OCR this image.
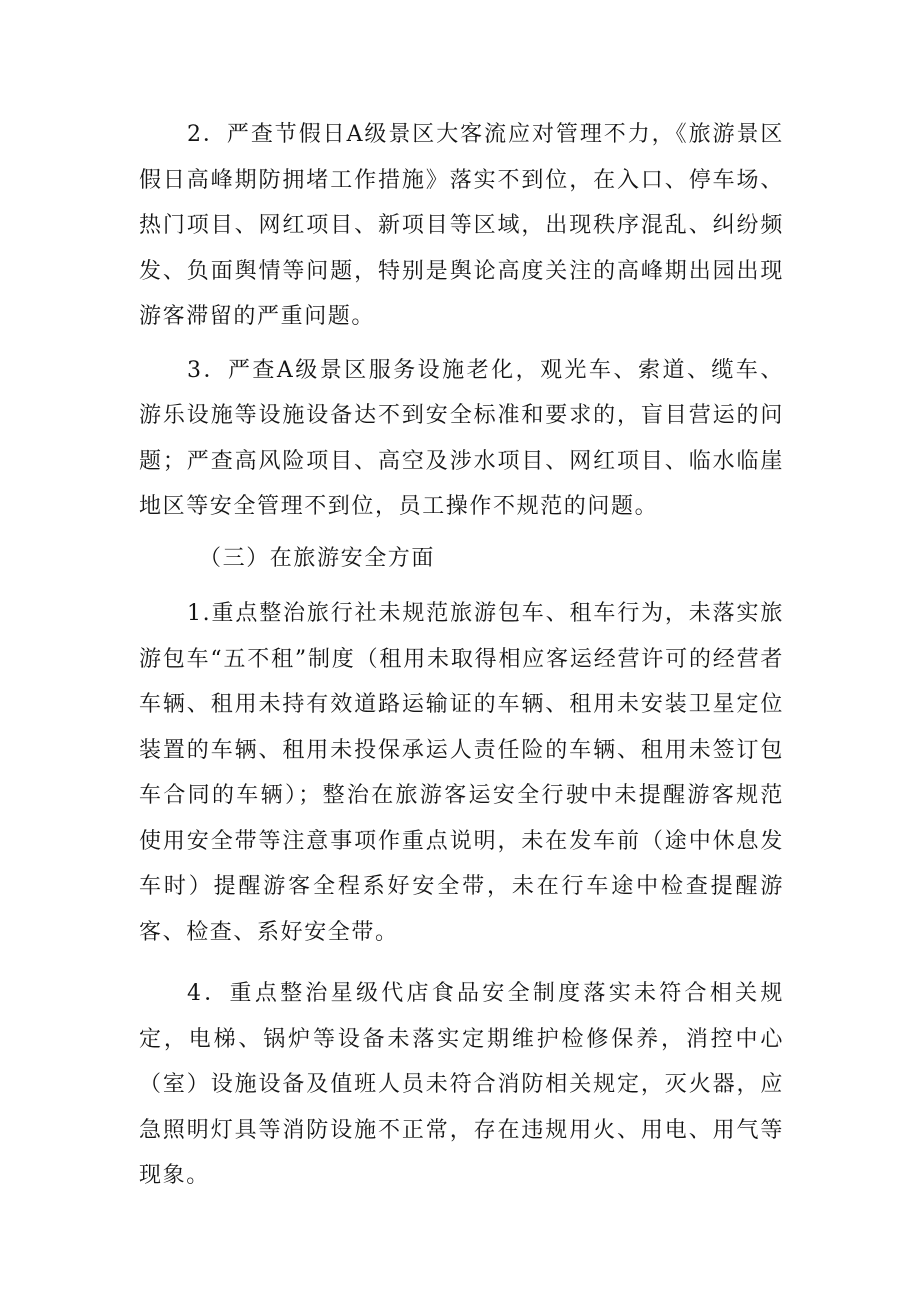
2．严查节假日A级景区大客流应对管理不力，《旅游景区假日高峰期防拥堵工作措施》落实不到位，在入口、停车场、热门项目、网红项目、新项目等区域，出现秩序混乱、纠纷频发、负面舆情等问题，特别是舆论高度关注的高峰期出园出现游客滞留的严重问题。

3．严查A级景区服务设施老化，观光车、索道、缆车、游乐设施等设施设备达不到安全标准和要求的，盲目营运的问题；严查高风险项目、高空及涉水项目、网红项目、临水临崖地区等安全管理不到位，员工操作不规范的问题。

（三）在旅游安全方面

1.重点整治旅行社未规范旅游包车、租车行为，未落实旅游包车“五不租”制度（租用未取得相应客运经营许可的经营者车辆、租用未持有效道路运输证的车辆、租用未安装卫星定位装置的车辆、租用未投保承运人责任险的车辆、租用未签订包车合同的车辆）；整治在旅游客运安全行驶中未提醒游客规范使用安全带等注意事项作重点说明，未在发车前（途中休息发车时）提醒游客全程系好安全带，未在行车途中检查提醒游客、检查、系好安全带。

4．重点整治星级代店食品安全制度落实未符合相关规定，电梯、锅炉等设备未落实定期维护检修保养，消控中心（室）设施设备及值班人员未符合消防相关规定，灭火器，应急照明灯具等消防设施不正常，存在违规用火、用电、用气等现象。
